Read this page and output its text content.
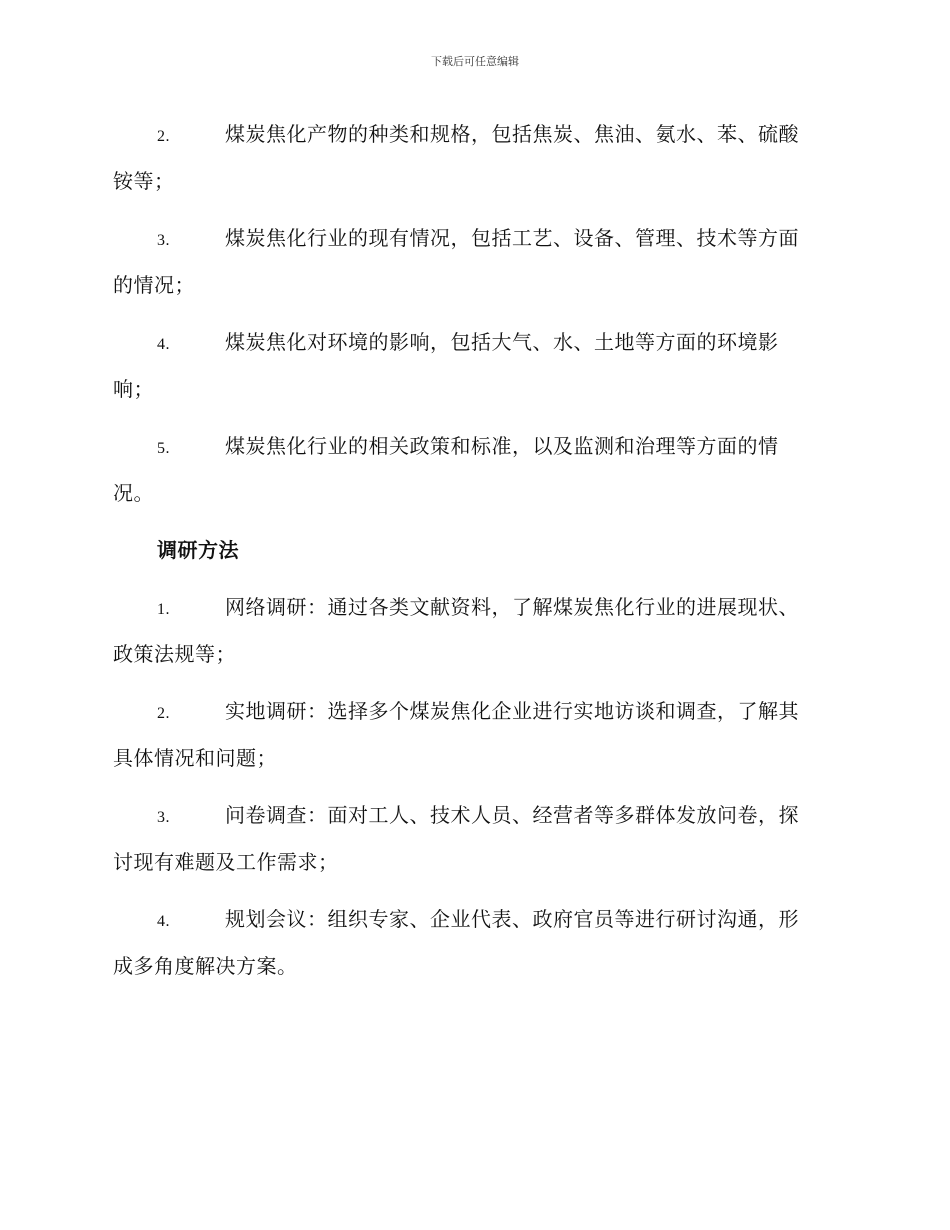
下载后可任意编辑
2.	煤炭焦化产物的种类和规格，包括焦炭、焦油、氨水、苯、硫酸
铵等；
3.	煤炭焦化行业的现有情况，包括工艺、设备、管理、技术等方面
的情况；
4.	煤炭焦化对环境的影响，包括大气、水、土地等方面的环境影
响；
5.	煤炭焦化行业的相关政策和标准，以及监测和治理等方面的情
况。
调研方法
1.	网络调研：通过各类文献资料，了解煤炭焦化行业的进展现状、
政策法规等；
2.	实地调研：选择多个煤炭焦化企业进行实地访谈和调查，了解其
具体情况和问题；
3.	问卷调查：面对工人、技术人员、经营者等多群体发放问卷，探
讨现有难题及工作需求；
4.	规划会议：组织专家、企业代表、政府官员等进行研讨沟通，形
成多角度解决方案。
